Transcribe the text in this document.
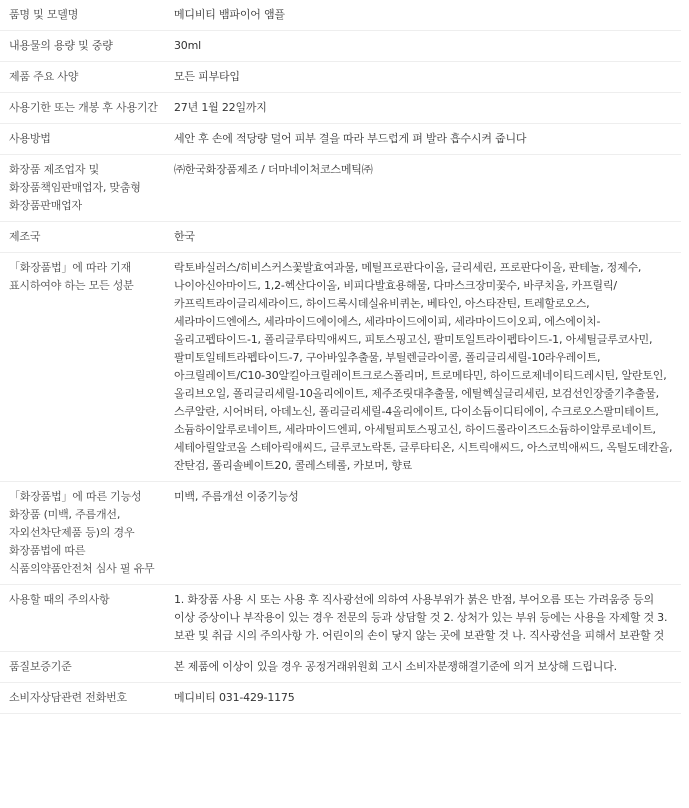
품명 및 모델명	메디비티 뱀파이어 앰플
내용물의 용량 및 중량	30ml
제품 주요 사양	모든 피부타입
사용기한 또는 개봉 후 사용기간	27년 1월 22일까지
사용방법	세안 후 손에 적당량 덜어 피부 결을 따라 부드럽게 펴 발라 흡수시켜 줍니다
화장품 제조업자 및 화장품책임판매업자, 맞춤형 화장품판매업자	㈜한국화장품제조 / 더마네이처코스메틱㈜
제조국	한국
「화장품법」에 따라 기재 표시하여야 하는 모든 성분	락토바실러스/히비스커스꽃발효여과물, 메틸프로판다이올, 글리세린, 프로판다이올, 판테놀, 정제수, 나이아신아마이드, 1,2-헥산다이올, 비피다발효용해물, 다마스크장미꽃수, 바쿠치올, 카프릴릭/카프릭트라이글리세라이드, 하이드록시데실유비퀴논, 베타인, 아스타잔틴, 트레할로오스, 세라마이드엔에스, 세라마이드에이에스, 세라마이드에이피, 세라마이드이오피, 에스에이치-올리고펩타이드-1, 폴리글루타믹애씨드, 피토스핑고신, 팔미토일트라이펩타이드-1, 아세틸글루코사민, 팔미토일테트라펩타이드-7, 구아바잎추출물, 부틸렌글라이콜, 폴리글리세릴-10라우레이트, 아크릴레이트/C10-30알킬아크릴레이트크로스폴리머, 트로메타민, 하이드로제네이티드레시틴, 알란토인, 올리브오일, 폴리글리세릴-10올리에이트, 제주조릿대추출물, 에틸헥실글리세린, 보검선인장줄기추출물, 스쿠알란, 시어버터, 아데노신, 폴리글리세릴-4올리에이트, 다이소듐이디티에이, 수크로오스팔미테이트, 소듐하이알루로네이트, 세라마이드엔피, 아세틸피토스핑고신, 하이드롤라이즈드소듐하이알루로네이트, 세테아릴알코올 스테아릭애씨드, 글루코노락톤, 글루타티온, 시트릭애씨드, 아스코빅애씨드, 옥틸도데칸올, 잔탄검, 폴리솔베이트20, 콜레스테롤, 카보머, 향료
「화장품법」에 따른 기능성 화장품 (미백, 주름개선, 자외선차단제품 등)의 경우 화장품법에 따른 식품의약품안전처 심사 필 유무	미백, 주름개선 이중기능성
사용할 때의 주의사항	1. 화장품 사용 시 또는 사용 후 직사광선에 의하여 사용부위가 붉은 반점, 부어오름 또는 가려움증 등의 이상 증상이나 부작용이 있는 경우 전문의 등과 상담할 것 2. 상처가 있는 부위 등에는 사용을 자제할 것 3. 보관 및 취급 시의 주의사항 가. 어린이의 손이 닿지 않는 곳에 보관할 것 나. 직사광선을 피해서 보관할 것
품질보증기준	본 제품에 이상이 있을 경우 공정거래위원회 고시 소비자분쟁해결기준에 의거 보상해 드립니다.
소비자상담관련 전화번호	메디비티 031-429-1175
